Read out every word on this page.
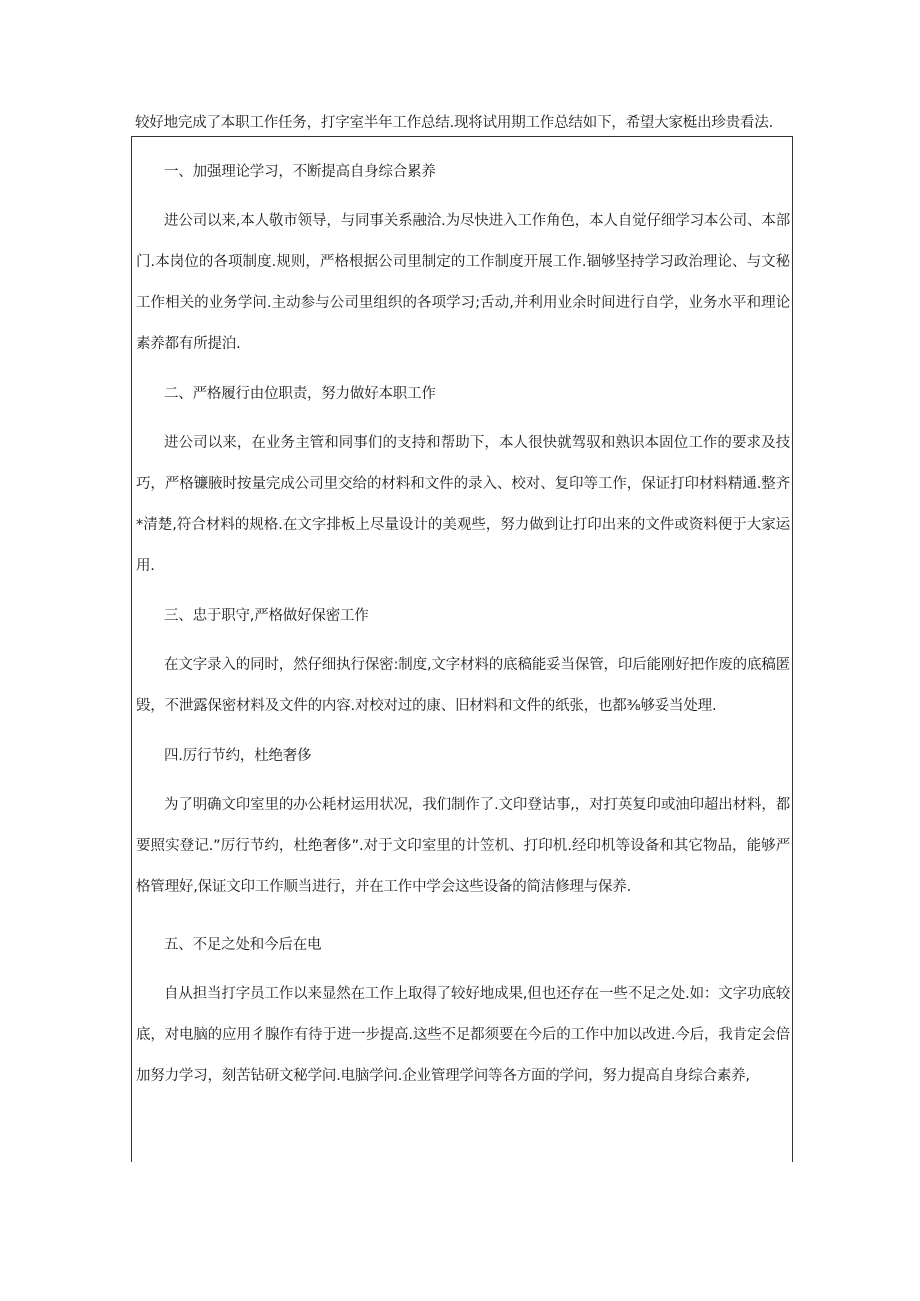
较好地完成了本职工作任务，打字室半年工作总结.现将试用期工作总结如下，希望大家梃出珍贵看法.

一、加强理论学习，不断提高自身综合累养

进公司以来,本人敬市领导，与同事关系融洽.为尽快进入工作角色，本人自觉仔细学习本公司、本部门.本岗位的各项制度.规则，严格根据公司里制定的工作制度开展工作.锢够坚持学习政治理论、与文秘工作相关的业务学问.主动参与公司里组织的各项学习;舌动,并利用业余时间进行自学，业务水平和理论素养都有所提泊.

二、严格履行由位职责，努力做好本职工作

进公司以来，在业务主管和同事们的支持和帮助下，本人很快就驾驭和熟识本固位工作的要求及技巧，严格镰腋时按量完成公司里交给的材料和文件的录入、校对、复印等工作，保证打印材料精通.整齐*清楚,符合材料的规格.在文字排板上尽量设计的美观些，努力做到让打印出来的文件或资料便于大家运用.

三、忠于职守,严格做好保密工作

在文字录入的同时，然仔细执行保密:制度,文字材料的底稿能妥当保管，印后能刚好把作废的底稿匿毁，不泄露保密材料及文件的内容.对校对过的康、旧材料和文件的纸张，也都⅜够妥当处理.

四.厉行节约，杜绝奢侈

为了明确文印室里的办公耗材运用状况，我们制作了.文印登诂事,，对打英复印或油印超出材料，都要照实登记.”厉行节约，杜绝奢侈”.对于文印室里的计笠机、打印机.经印机等设备和其它物品，能够严格管理好,保证文印工作顺当进行，并在工作中学会这些设备的简洁修理与保养.

五、不足之处和今后在电

自从担当打字员工作以来显然在工作上取得了较好地成果,但也还存在一些不足之处.如：文字功底较底，对电脑的应用彳腺作有待于进一步提高.这些不足都须要在今后的工作中加以改进.今后，我肯定会倍加努力学习，刻苦钻研文秘学问.电脑学问.企业管理学问等各方面的学问，努力提高自身综合素养,
